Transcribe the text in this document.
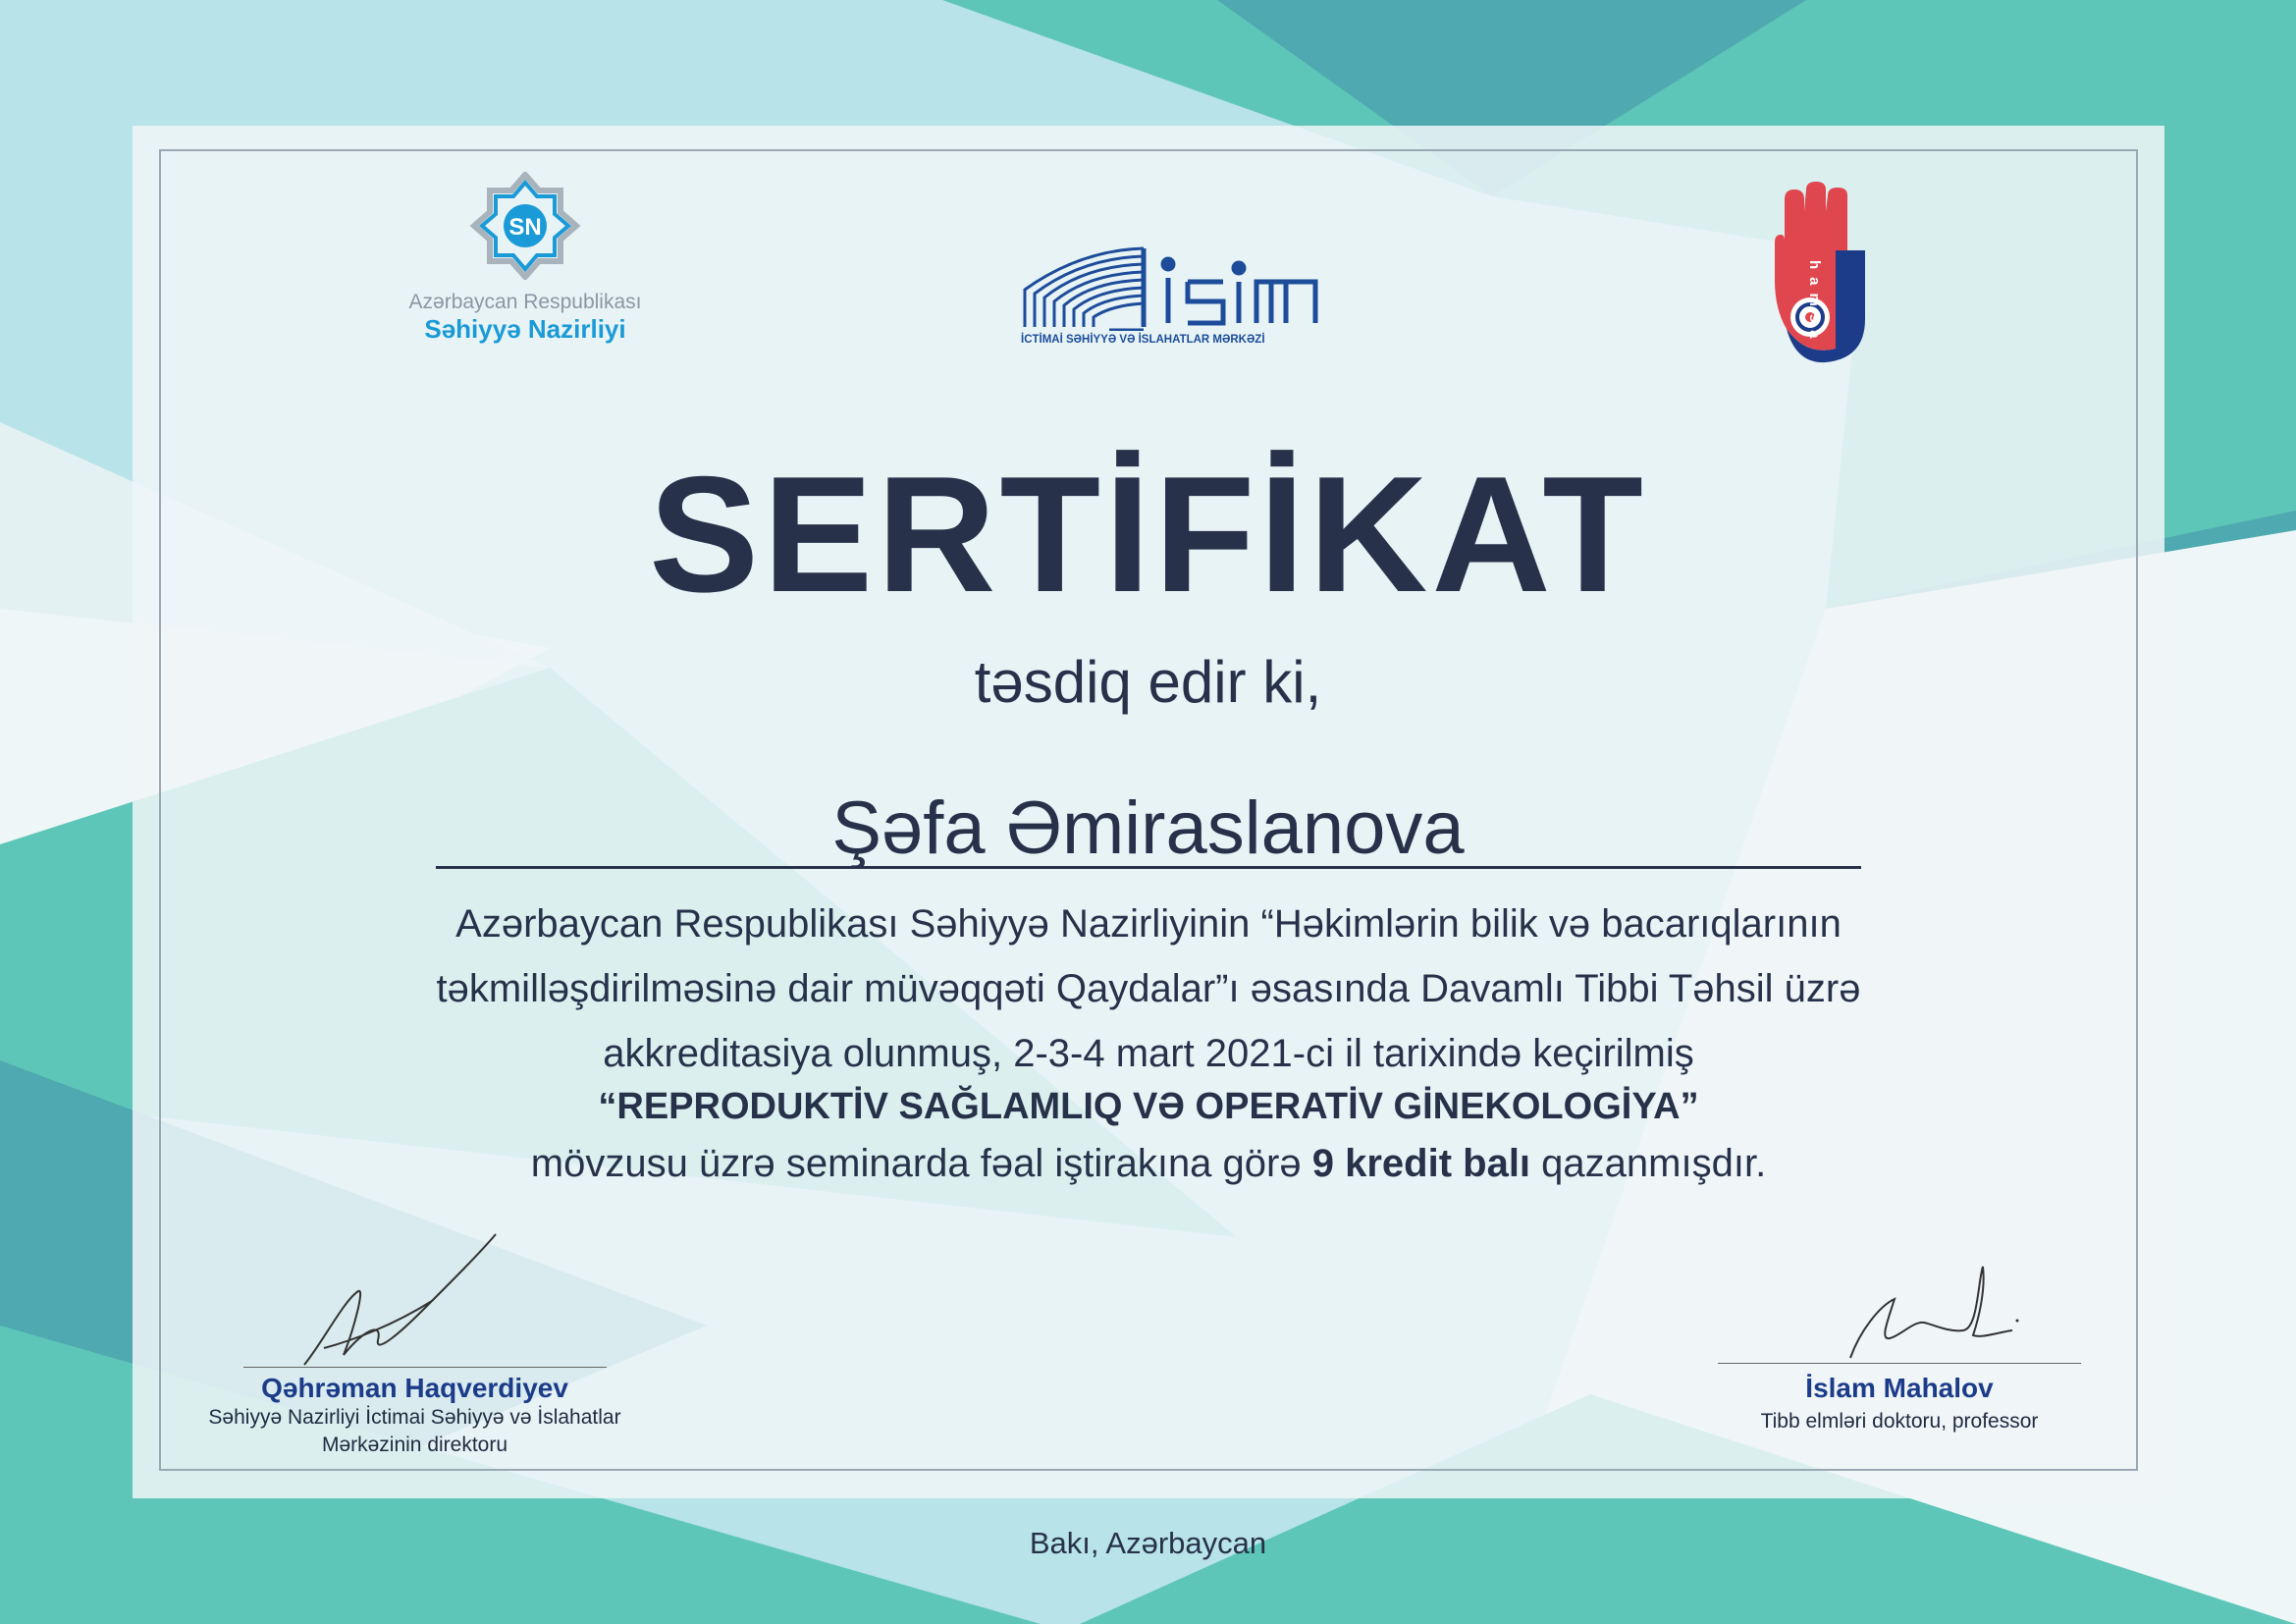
SN
Azərbaycan Respublikası
Səhiyyə Nazirliyi	İCTİMAİ SƏHİYYƏ VƏ İSLAHATLAR MƏRKƏZİ	hamsa
SERTİFİKAT
təsdiq edir ki,
Şəfa Əmiraslanova
Azərbaycan Respublikası Səhiyyə Nazirliyinin “Həkimlərin bilik və bacarıqlarının
təkmilləşdirilməsinə dair müvəqqəti Qaydalar”ı əsasında Davamlı Tibbi Təhsil üzrə
akkreditasiya olunmuş, 2-3-4 mart 2021-ci il tarixində keçirilmiş
“REPRODUKTİV SAĞLAMLIQ VƏ OPERATİV GİNEKOLOGİYA”
mövzusu üzrə seminarda fəal iştirakına görə 9 kredit balı qazanmışdır.
Qəhrəman Haqverdiyev
Səhiyyə Nazirliyi İctimai Səhiyyə və İslahatlar
Mərkəzinin direktoru
İslam Mahalov
Tibb elmləri doktoru, professor
Bakı, Azərbaycan
